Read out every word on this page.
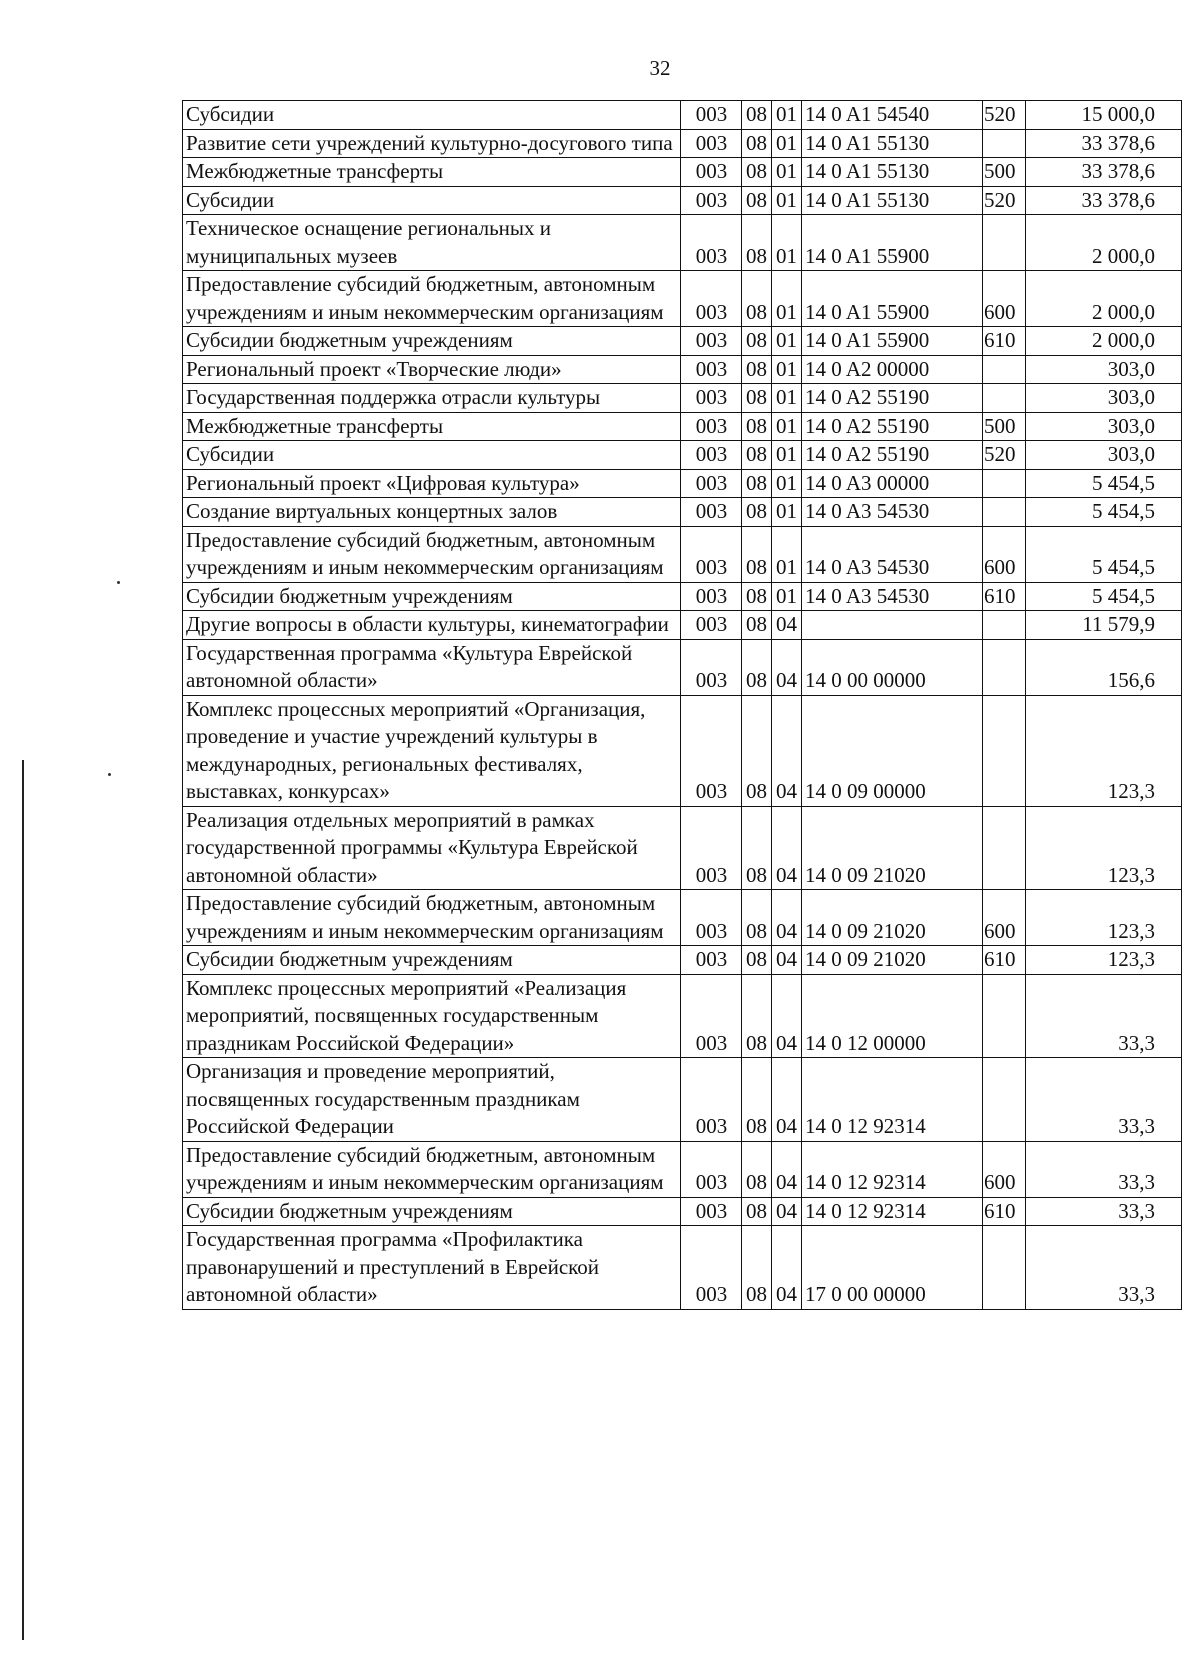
32
Субсидии	003	08	01	14 0 A1 54540	520	15 000,0
Развитие сети учреждений культурно-досугового типа	003	08	01	14 0 A1 55130		33 378,6
Межбюджетные трансферты	003	08	01	14 0 A1 55130	500	33 378,6
Субсидии	003	08	01	14 0 A1 55130	520	33 378,6
Техническое оснащение региональных и муниципальных музеев	003	08	01	14 0 A1 55900		2 000,0
Предоставление субсидий бюджетным, автономным учреждениям и иным некоммерческим организациям	003	08	01	14 0 A1 55900	600	2 000,0
Субсидии бюджетным учреждениям	003	08	01	14 0 A1 55900	610	2 000,0
Региональный проект «Творческие люди»	003	08	01	14 0 A2 00000		303,0
Государственная поддержка отрасли культуры	003	08	01	14 0 A2 55190		303,0
Межбюджетные трансферты	003	08	01	14 0 A2 55190	500	303,0
Субсидии	003	08	01	14 0 A2 55190	520	303,0
Региональный проект «Цифровая культура»	003	08	01	14 0 A3 00000		5 454,5
Создание виртуальных концертных залов	003	08	01	14 0 A3 54530		5 454,5
Предоставление субсидий бюджетным, автономным учреждениям и иным некоммерческим организациям	003	08	01	14 0 A3 54530	600	5 454,5
Субсидии бюджетным учреждениям	003	08	01	14 0 A3 54530	610	5 454,5
Другие вопросы в области культуры, кинематографии	003	08	04			11 579,9
Государственная программа «Культура Еврейской автономной области»	003	08	04	14 0 00 00000		156,6
Комплекс процессных мероприятий «Организация, проведение и участие учреждений культуры в международных, региональных фестивалях, выставках, конкурсах»	003	08	04	14 0 09 00000		123,3
Реализация отдельных мероприятий в рамках государственной программы «Культура Еврейской автономной области»	003	08	04	14 0 09 21020		123,3
Предоставление субсидий бюджетным, автономным учреждениям и иным некоммерческим организациям	003	08	04	14 0 09 21020	600	123,3
Субсидии бюджетным учреждениям	003	08	04	14 0 09 21020	610	123,3
Комплекс процессных мероприятий «Реализация мероприятий, посвященных государственным праздникам Российской Федерации»	003	08	04	14 0 12 00000		33,3
Организация и проведение мероприятий, посвященных государственным праздникам Российской Федерации	003	08	04	14 0 12 92314		33,3
Предоставление субсидий бюджетным, автономным учреждениям и иным некоммерческим организациям	003	08	04	14 0 12 92314	600	33,3
Субсидии бюджетным учреждениям	003	08	04	14 0 12 92314	610	33,3
Государственная программа «Профилактика правонарушений и преступлений в Еврейской автономной области»	003	08	04	17 0 00 00000		33,3
